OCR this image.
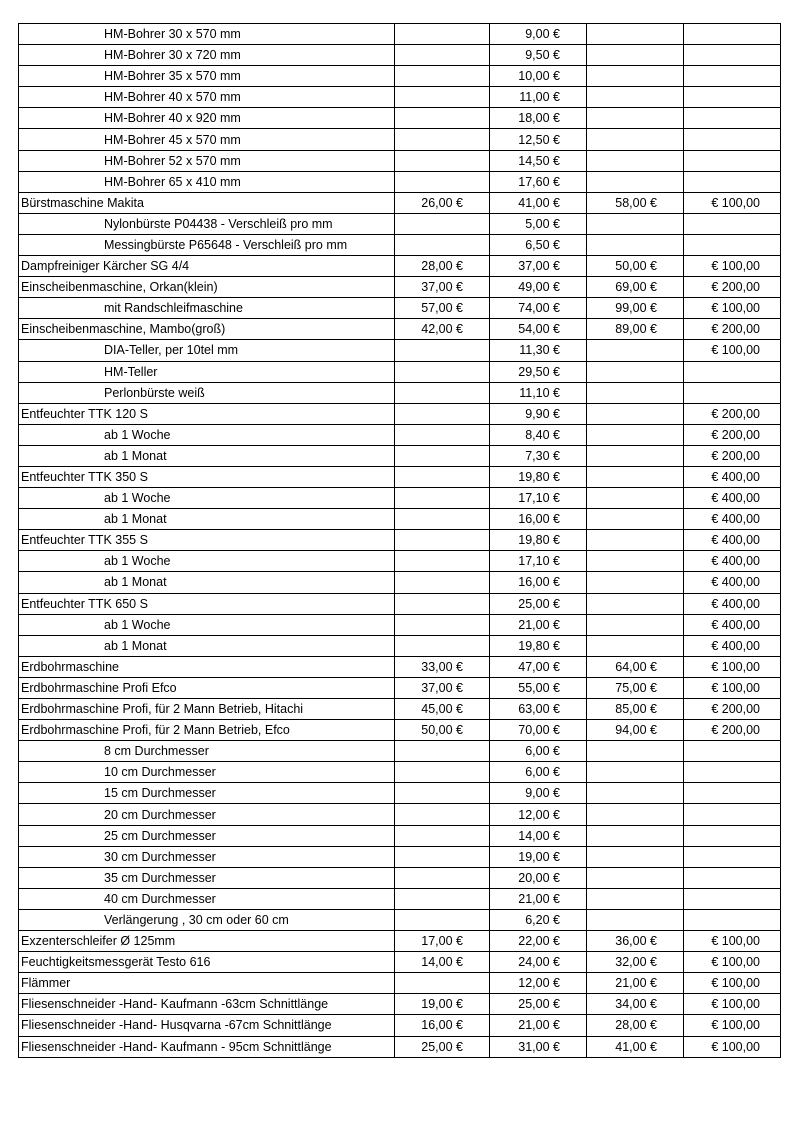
HM-Bohrer 30 x 570 mm		9,00 €		
HM-Bohrer 30 x 720 mm		9,50 €		
HM-Bohrer 35 x 570 mm		10,00 €		
HM-Bohrer 40 x 570 mm		11,00 €		
HM-Bohrer 40 x 920 mm		18,00 €		
HM-Bohrer 45 x 570 mm		12,50 €		
HM-Bohrer 52 x 570 mm		14,50 €		
HM-Bohrer 65 x 410 mm		17,60 €		
Bürstmaschine Makita	26,00 €	41,00 €	58,00 €	€ 100,00
Nylonbürste P04438 - Verschleiß pro mm		5,00 €		
Messingbürste P65648 - Verschleiß pro mm		6,50 €		
Dampfreiniger Kärcher SG 4/4	28,00 €	37,00 €	50,00 €	€ 100,00
Einscheibenmaschine, Orkan(klein)	37,00 €	49,00 €	69,00 €	€ 200,00
mit Randschleifmaschine	57,00 €	74,00 €	99,00 €	€ 100,00
Einscheibenmaschine, Mambo(groß)	42,00 €	54,00 €	89,00 €	€ 200,00
DIA-Teller, per 10tel mm		11,30 €		€ 100,00
HM-Teller		29,50 €		
Perlonbürste weiß		11,10 €		
Entfeuchter TTK 120 S		9,90 €		€ 200,00
ab 1 Woche		8,40 €		€ 200,00
ab 1 Monat		7,30 €		€ 200,00
Entfeuchter TTK 350 S		19,80 €		€ 400,00
ab 1 Woche		17,10 €		€ 400,00
ab 1 Monat		16,00 €		€ 400,00
Entfeuchter TTK 355 S		19,80 €		€ 400,00
ab 1 Woche		17,10 €		€ 400,00
ab 1 Monat		16,00 €		€ 400,00
Entfeuchter TTK 650 S		25,00 €		€ 400,00
ab 1 Woche		21,00 €		€ 400,00
ab 1 Monat		19,80 €		€ 400,00
Erdbohrmaschine	33,00 €	47,00 €	64,00 €	€ 100,00
Erdbohrmaschine Profi Efco	37,00 €	55,00 €	75,00 €	€ 100,00
Erdbohrmaschine Profi, für 2 Mann Betrieb, Hitachi	45,00 €	63,00 €	85,00 €	€ 200,00
Erdbohrmaschine Profi, für 2 Mann Betrieb, Efco	50,00 €	70,00 €	94,00 €	€ 200,00
8 cm Durchmesser		6,00 €		
10 cm Durchmesser		6,00 €		
15 cm Durchmesser		9,00 €		
20 cm Durchmesser		12,00 €		
25 cm Durchmesser		14,00 €		
30 cm Durchmesser		19,00 €		
35 cm Durchmesser		20,00 €		
40 cm Durchmesser		21,00 €		
Verlängerung , 30 cm oder 60 cm		6,20 €		
Exzenterschleifer Ø 125mm	17,00 €	22,00 €	36,00 €	€ 100,00
Feuchtigkeitsmessgerät Testo 616	14,00 €	24,00 €	32,00 €	€ 100,00
Flämmer		12,00 €	21,00 €	€ 100,00
Fliesenschneider -Hand- Kaufmann -63cm Schnittlänge	19,00 €	25,00 €	34,00 €	€ 100,00
Fliesenschneider -Hand- Husqvarna -67cm Schnittlänge	16,00 €	21,00 €	28,00 €	€ 100,00
Fliesenschneider -Hand- Kaufmann - 95cm Schnittlänge	25,00 €	31,00 €	41,00 €	€ 100,00
